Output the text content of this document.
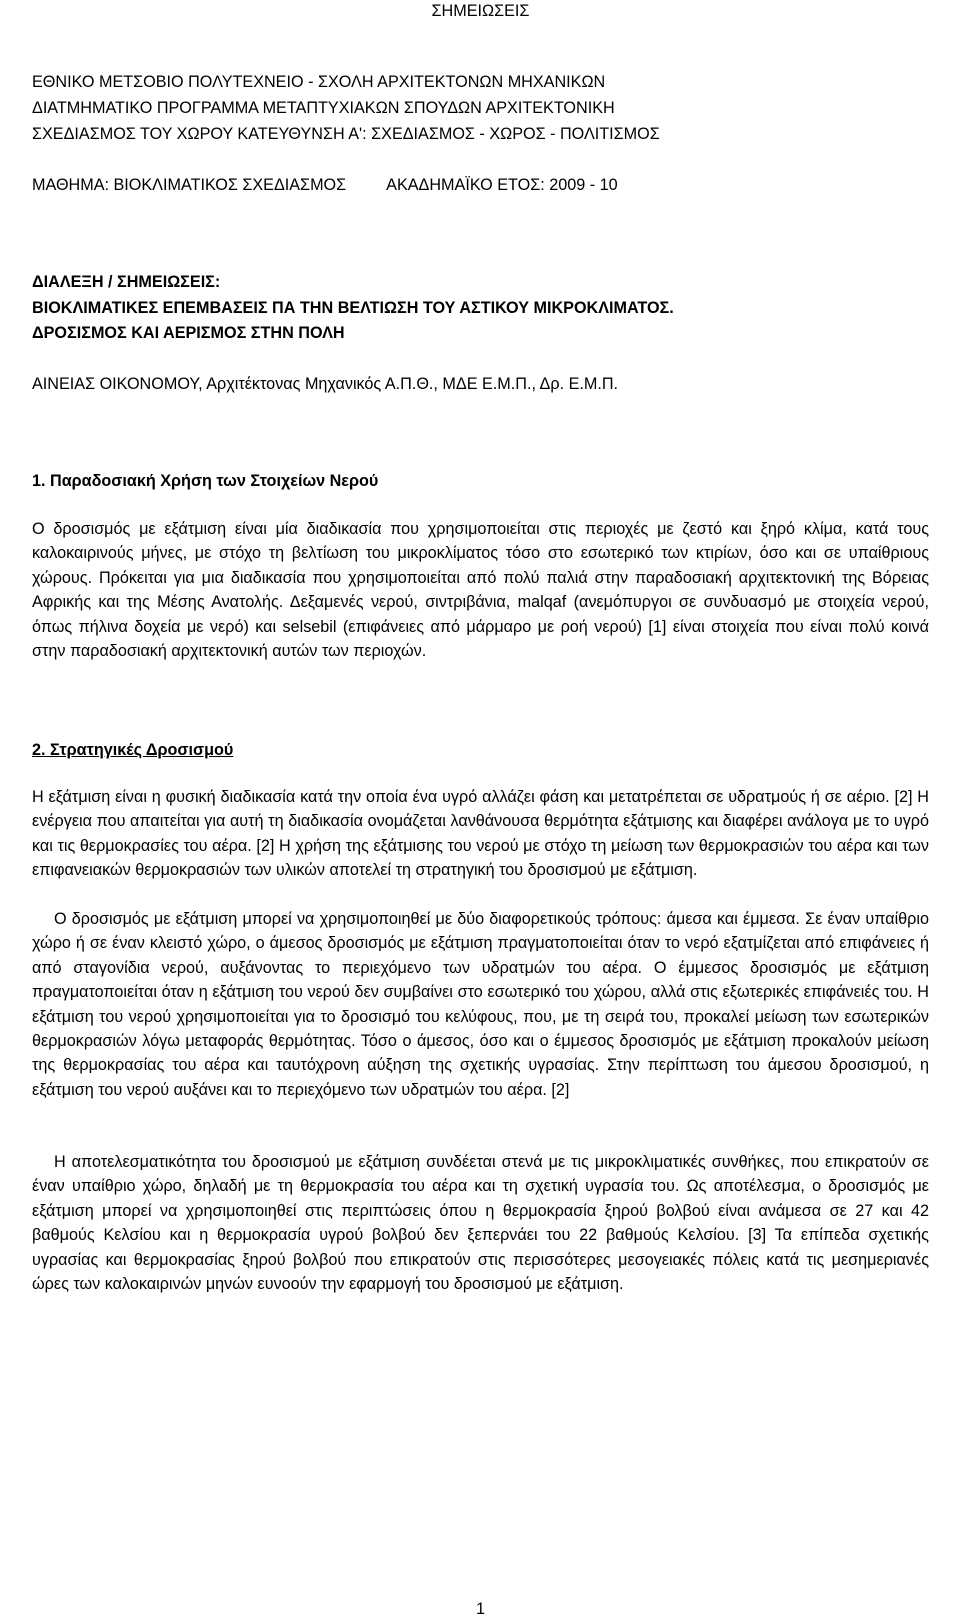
ΣΗΜΕΙΩΣΕΙΣ
ΕΘΝΙΚΟ ΜΕΤΣΟΒΙΟ ΠΟΛΥΤΕΧΝΕΙΟ - ΣΧΟΛΗ ΑΡΧΙΤΕΚΤΟΝΩΝ ΜΗΧΑΝΙΚΩΝ
ΔΙΑΤΜΗΜΑΤΙΚΟ ΠΡΟΓΡΑΜΜΑ ΜΕΤΑΠΤΥΧΙΑΚΩΝ ΣΠΟΥΔΩΝ ΑΡΧΙΤΕΚΤΟΝΙΚΗ
ΣΧΕΔΙΑΣΜΟΣ ΤΟΥ ΧΩΡΟΥ ΚΑΤΕΥΘΥΝΣΗ Α': ΣΧΕΔΙΑΣΜΟΣ - ΧΩΡΟΣ - ΠΟΛΙΤΙΣΜΟΣ
ΜΑΘΗΜΑ: ΒΙΟΚΛΙΜΑΤΙΚΟΣ ΣΧΕΔΙΑΣΜΟΣ ΑΚΑΔΗΜΑΪΚΟ ΕΤΟΣ: 2009 - 10
ΔΙΑΛΕΞΗ / ΣΗΜΕΙΩΣΕΙΣ:
ΒΙΟΚΛΙΜΑΤΙΚΕΣ ΕΠΕΜΒΑΣΕΙΣ ΠΑ ΤΗΝ ΒΕΛΤΙΩΣΗ ΤΟΥ ΑΣΤΙΚΟΥ ΜΙΚΡΟΚΛΙΜΑΤΟΣ.
ΔΡΟΣΙΣΜΟΣ ΚΑΙ ΑΕΡΙΣΜΟΣ ΣΤΗΝ ΠΟΛΗ
ΑΙΝΕΙΑΣ ΟΙΚΟΝΟΜΟΥ, Αρχιτέκτονας Μηχανικός Α.Π.Θ., ΜΔΕ Ε.Μ.Π., Δρ. Ε.Μ.Π.
1. Παραδοσιακή Χρήση των Στοιχείων Νερού

Ο δροσισμός με εξάτμιση είναι μία διαδικασία που χρησιμοποιείται στις περιοχές με ζεστό και ξηρό κλίμα, κατά τους καλοκαιρινούς μήνες, με στόχο τη βελτίωση του μικροκλίματος τόσο στο εσωτερικό των κτιρίων, όσο και σε υπαίθριους χώρους. Πρόκειται για μια διαδικασία που χρησιμοποιείται από πολύ παλιά στην παραδοσιακή αρχιτεκτονική της Βόρειας Αφρικής και της Μέσης Ανατολής. Δεξαμενές νερού, σιντριβάνια, malqaf (ανεμόπυργοι σε συνδυασμό με στοιχεία νερού, όπως πήλινα δοχεία με νερό) και selsebil (επιφάνειες από μάρμαρο με ροή νερού) [1] είναι στοιχεία που είναι πολύ κοινά στην παραδοσιακή αρχιτεκτονική αυτών των περιοχών.

2. Στρατηγικές Δροσισμού

Η εξάτμιση είναι η φυσική διαδικασία κατά την οποία ένα υγρό αλλάζει φάση και μετατρέπεται σε υδρατμούς ή σε αέριο. [2] Η ενέργεια που απαιτείται για αυτή τη διαδικασία ονομάζεται λανθάνουσα θερμότητα εξάτμισης και διαφέρει ανάλογα με το υγρό και τις θερμοκρασίες του αέρα. [2] Η χρήση της εξάτμισης του νερού με στόχο τη μείωση των θερμοκρασιών του αέρα και των επιφανειακών θερμοκρασιών των υλικών αποτελεί τη στρατηγική του δροσισμού με εξάτμιση.

Ο δροσισμός με εξάτμιση μπορεί να χρησιμοποιηθεί με δύο διαφορετικούς τρόπους: άμεσα και έμμεσα. Σε έναν υπαίθριο χώρο ή σε έναν κλειστό χώρο, ο άμεσος δροσισμός με εξάτμιση πραγματοποιείται όταν το νερό εξατμίζεται από επιφάνειες ή από σταγονίδια νερού, αυξάνοντας το περιεχόμενο των υδρατμών του αέρα. Ο έμμεσος δροσισμός με εξάτμιση πραγματοποιείται όταν η εξάτμιση του νερού δεν συμβαίνει στο εσωτερικό του χώρου, αλλά στις εξωτερικές επιφάνειές του. Η εξάτμιση του νερού χρησιμοποιείται για το δροσισμό του κελύφους, που, με τη σειρά του, προκαλεί μείωση των εσωτερικών θερμοκρασιών λόγω μεταφοράς θερμότητας. Τόσο ο άμεσος, όσο και ο έμμεσος δροσισμός με εξάτμιση προκαλούν μείωση της θερμοκρασίας του αέρα και ταυτόχρονη αύξηση της σχετικής υγρασίας. Στην περίπτωση του άμεσου δροσισμού, η εξάτμιση του νερού αυξάνει και το περιεχόμενο των υδρατμών του αέρα. [2]

Η αποτελεσματικότητα του δροσισμού με εξάτμιση συνδέεται στενά με τις μικροκλιματικές συνθήκες, που επικρατούν σε έναν υπαίθριο χώρο, δηλαδή με τη θερμοκρασία του αέρα και τη σχετική υγρασία του. Ως αποτέλεσμα, ο δροσισμός με εξάτμιση μπορεί να χρησιμοποιηθεί στις περιπτώσεις όπου η θερμοκρασία ξηρού βολβού είναι ανάμεσα σε 27 και 42 βαθμούς Κελσίου και η θερμοκρασία υγρού βολβού δεν ξεπερνάει του 22 βαθμούς Κελσίου. [3] Τα επίπεδα σχετικής υγρασίας και θερμοκρασίας ξηρού βολβού που επικρατούν στις περισσότερες μεσογειακές πόλεις κατά τις μεσημεριανές ώρες των καλοκαιρινών μηνών ευνοούν την εφαρμογή του δροσισμού με εξάτμιση.

1
